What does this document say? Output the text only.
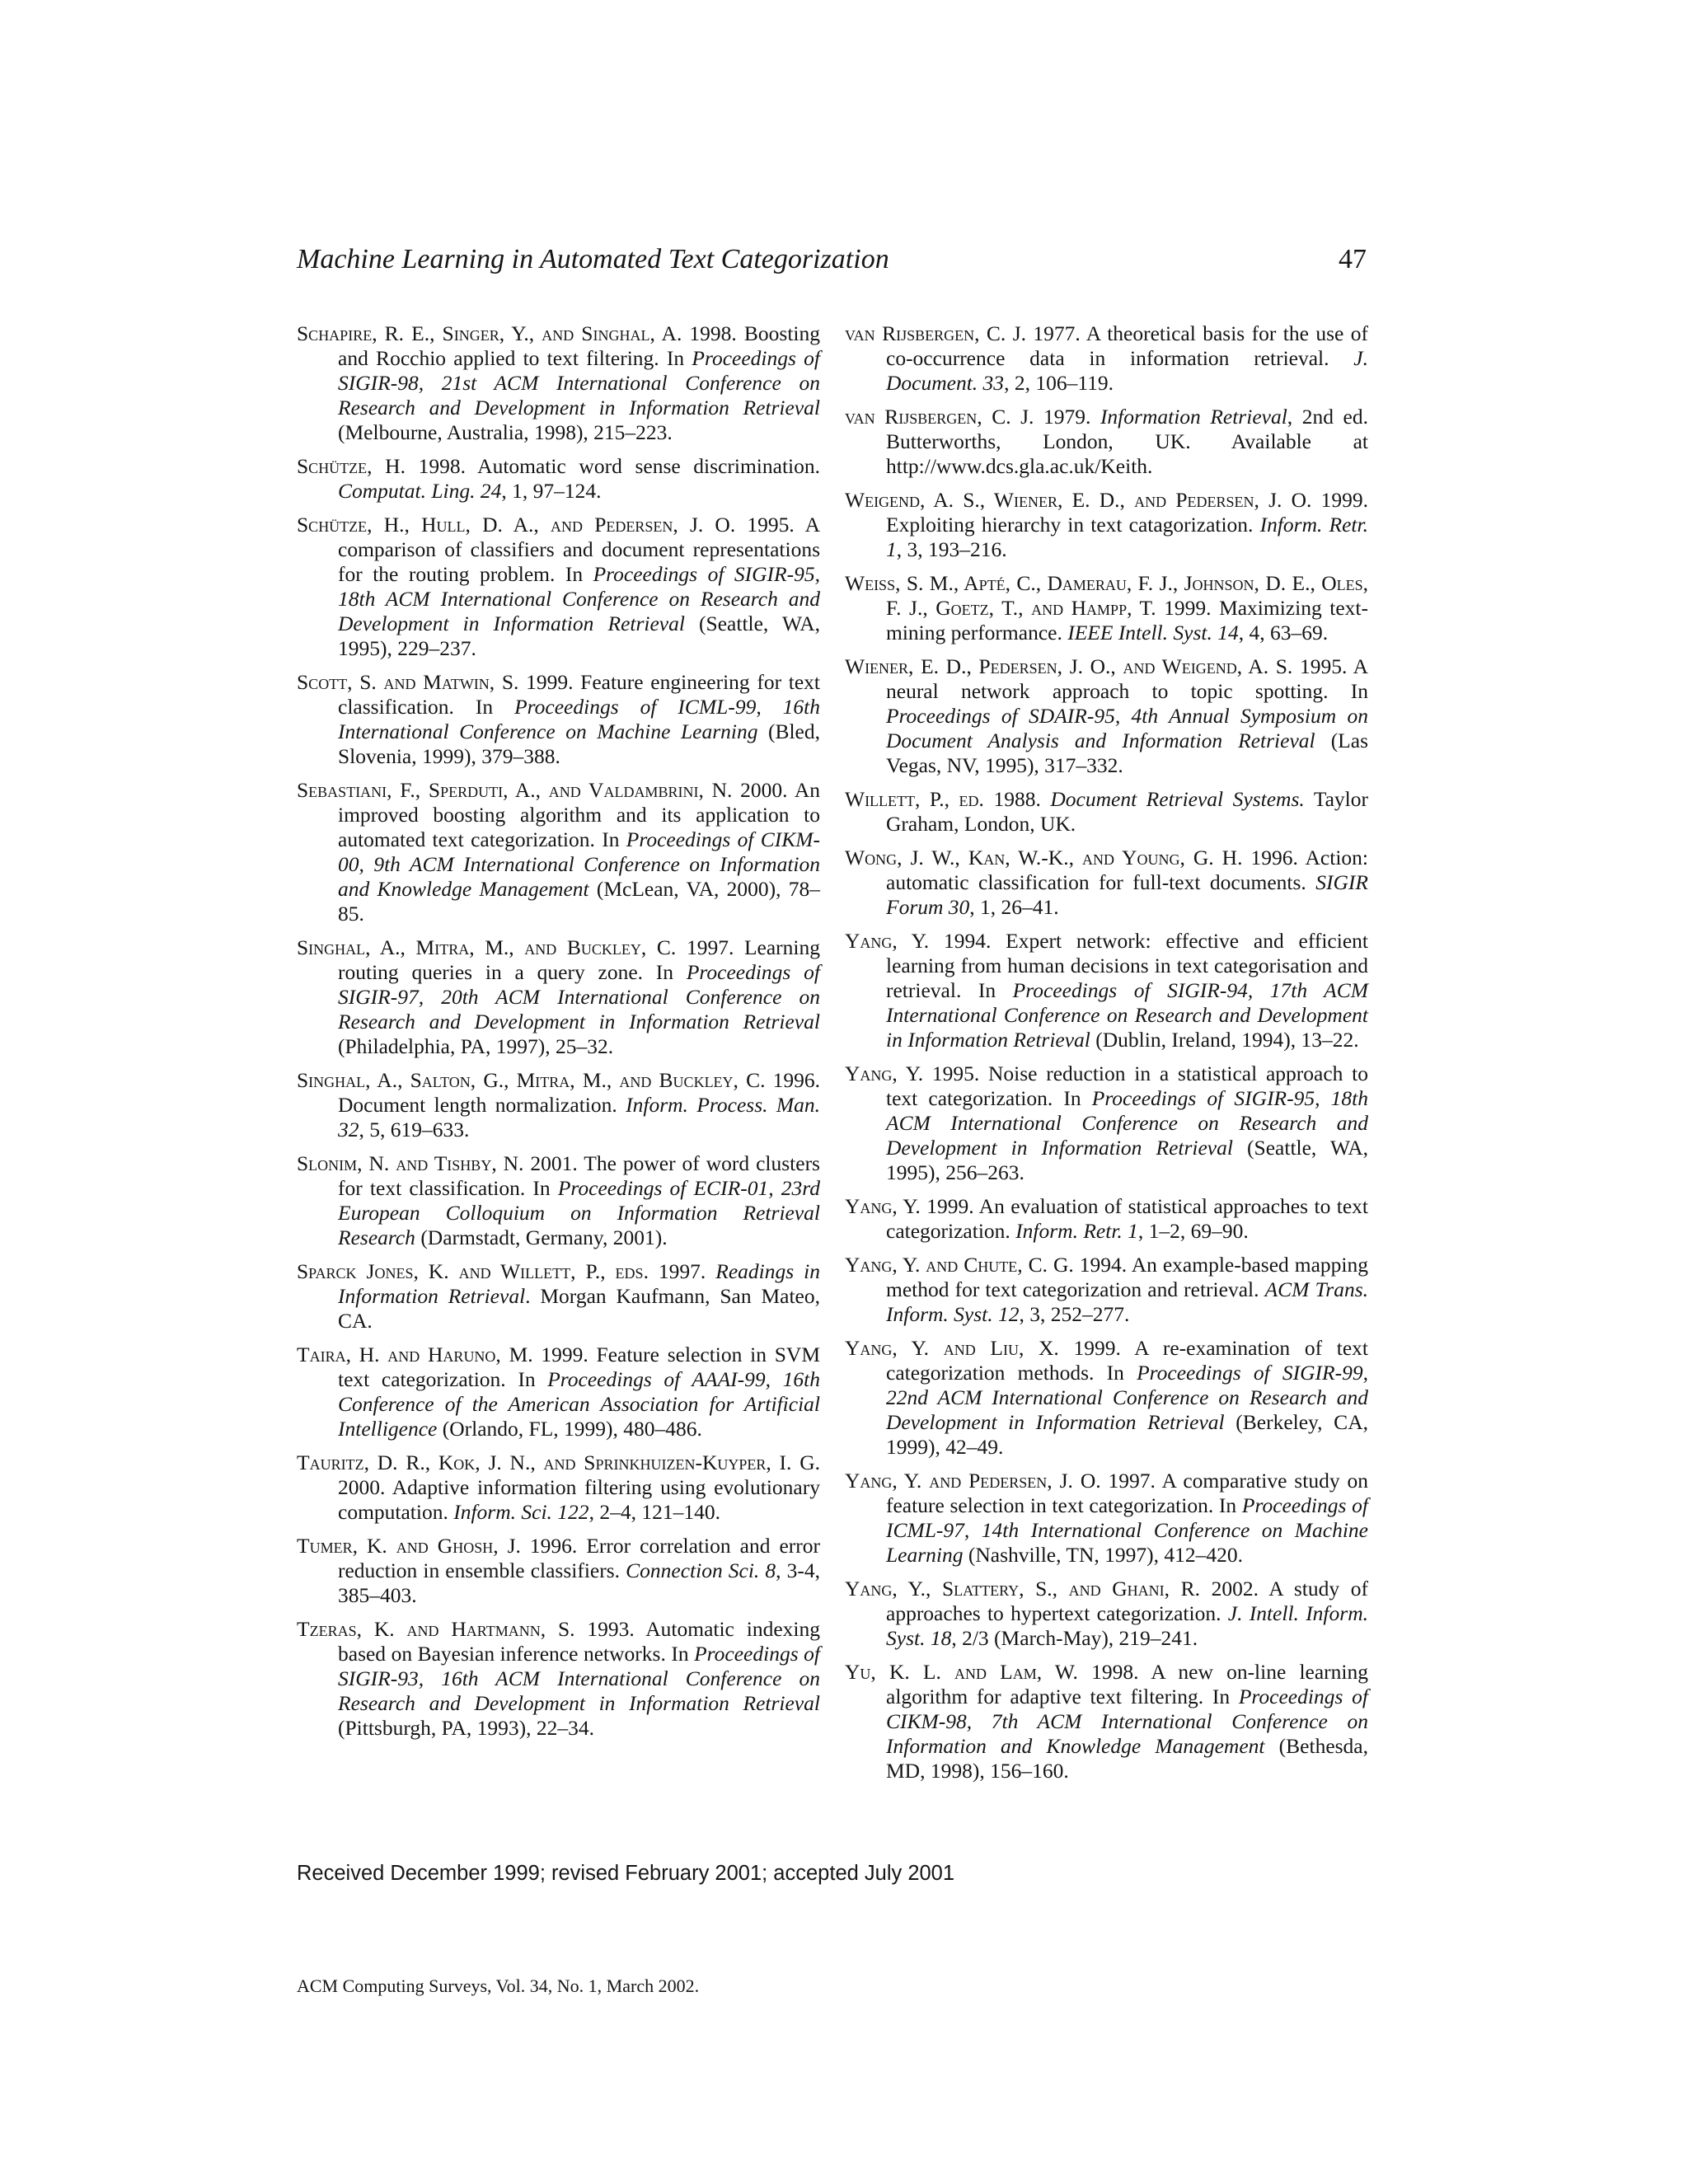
Machine Learning in Automated Text Categorization	47

Schapire, R. E., Singer, Y., and Singhal, A. 1998. Boosting and Rocchio applied to text filtering. In Proceedings of SIGIR-98, 21st ACM International Conference on Research and Development in Information Retrieval (Melbourne, Australia, 1998), 215–223.

Schütze, H. 1998. Automatic word sense discrimination. Computat. Ling. 24, 1, 97–124.

Schütze, H., Hull, D. A., and Pedersen, J. O. 1995. A comparison of classifiers and document representations for the routing problem. In Proceedings of SIGIR-95, 18th ACM International Conference on Research and Development in Information Retrieval (Seattle, WA, 1995), 229–237.

Scott, S. and Matwin, S. 1999. Feature engineering for text classification. In Proceedings of ICML-99, 16th International Conference on Machine Learning (Bled, Slovenia, 1999), 379–388.

Sebastiani, F., Sperduti, A., and Valdambrini, N. 2000. An improved boosting algorithm and its application to automated text categorization. In Proceedings of CIKM-00, 9th ACM International Conference on Information and Knowledge Management (McLean, VA, 2000), 78–85.

Singhal, A., Mitra, M., and Buckley, C. 1997. Learning routing queries in a query zone. In Proceedings of SIGIR-97, 20th ACM International Conference on Research and Development in Information Retrieval (Philadelphia, PA, 1997), 25–32.

Singhal, A., Salton, G., Mitra, M., and Buckley, C. 1996. Document length normalization. Inform. Process. Man. 32, 5, 619–633.

Slonim, N. and Tishby, N. 2001. The power of word clusters for text classification. In Proceedings of ECIR-01, 23rd European Colloquium on Information Retrieval Research (Darmstadt, Germany, 2001).

Sparck Jones, K. and Willett, P., eds. 1997. Readings in Information Retrieval. Morgan Kaufmann, San Mateo, CA.

Taira, H. and Haruno, M. 1999. Feature selection in SVM text categorization. In Proceedings of AAAI-99, 16th Conference of the American Association for Artificial Intelligence (Orlando, FL, 1999), 480–486.

Tauritz, D. R., Kok, J. N., and Sprinkhuizen-Kuyper, I. G. 2000. Adaptive information filtering using evolutionary computation. Inform. Sci. 122, 2–4, 121–140.

Tumer, K. and Ghosh, J. 1996. Error correlation and error reduction in ensemble classifiers. Connection Sci. 8, 3-4, 385–403.

Tzeras, K. and Hartmann, S. 1993. Automatic indexing based on Bayesian inference networks. In Proceedings of SIGIR-93, 16th ACM International Conference on Research and Development in Information Retrieval (Pittsburgh, PA, 1993), 22–34.

van Rijsbergen, C. J. 1977. A theoretical basis for the use of co-occurrence data in information retrieval. J. Document. 33, 2, 106–119.

van Rijsbergen, C. J. 1979. Information Retrieval, 2nd ed. Butterworths, London, UK. Available at http://www.dcs.gla.ac.uk/Keith.

Weigend, A. S., Wiener, E. D., and Pedersen, J. O. 1999. Exploiting hierarchy in text catagorization. Inform. Retr. 1, 3, 193–216.

Weiss, S. M., Apté, C., Damerau, F. J., Johnson, D. E., Oles, F. J., Goetz, T., and Hampp, T. 1999. Maximizing text-mining performance. IEEE Intell. Syst. 14, 4, 63–69.

Wiener, E. D., Pedersen, J. O., and Weigend, A. S. 1995. A neural network approach to topic spotting. In Proceedings of SDAIR-95, 4th Annual Symposium on Document Analysis and Information Retrieval (Las Vegas, NV, 1995), 317–332.

Willett, P., ed. 1988. Document Retrieval Systems. Taylor Graham, London, UK.

Wong, J. W., Kan, W.-K., and Young, G. H. 1996. Action: automatic classification for full-text documents. SIGIR Forum 30, 1, 26–41.

Yang, Y. 1994. Expert network: effective and efficient learning from human decisions in text categorisation and retrieval. In Proceedings of SIGIR-94, 17th ACM International Conference on Research and Development in Information Retrieval (Dublin, Ireland, 1994), 13–22.

Yang, Y. 1995. Noise reduction in a statistical approach to text categorization. In Proceedings of SIGIR-95, 18th ACM International Conference on Research and Development in Information Retrieval (Seattle, WA, 1995), 256–263.

Yang, Y. 1999. An evaluation of statistical approaches to text categorization. Inform. Retr. 1, 1–2, 69–90.

Yang, Y. and Chute, C. G. 1994. An example-based mapping method for text categorization and retrieval. ACM Trans. Inform. Syst. 12, 3, 252–277.

Yang, Y. and Liu, X. 1999. A re-examination of text categorization methods. In Proceedings of SIGIR-99, 22nd ACM International Conference on Research and Development in Information Retrieval (Berkeley, CA, 1999), 42–49.

Yang, Y. and Pedersen, J. O. 1997. A comparative study on feature selection in text categorization. In Proceedings of ICML-97, 14th International Conference on Machine Learning (Nashville, TN, 1997), 412–420.

Yang, Y., Slattery, S., and Ghani, R. 2002. A study of approaches to hypertext categorization. J. Intell. Inform. Syst. 18, 2/3 (March-May), 219–241.

Yu, K. L. and Lam, W. 1998. A new on-line learning algorithm for adaptive text filtering. In Proceedings of CIKM-98, 7th ACM International Conference on Information and Knowledge Management (Bethesda, MD, 1998), 156–160.

Received December 1999; revised February 2001; accepted July 2001
ACM Computing Surveys, Vol. 34, No. 1, March 2002.
